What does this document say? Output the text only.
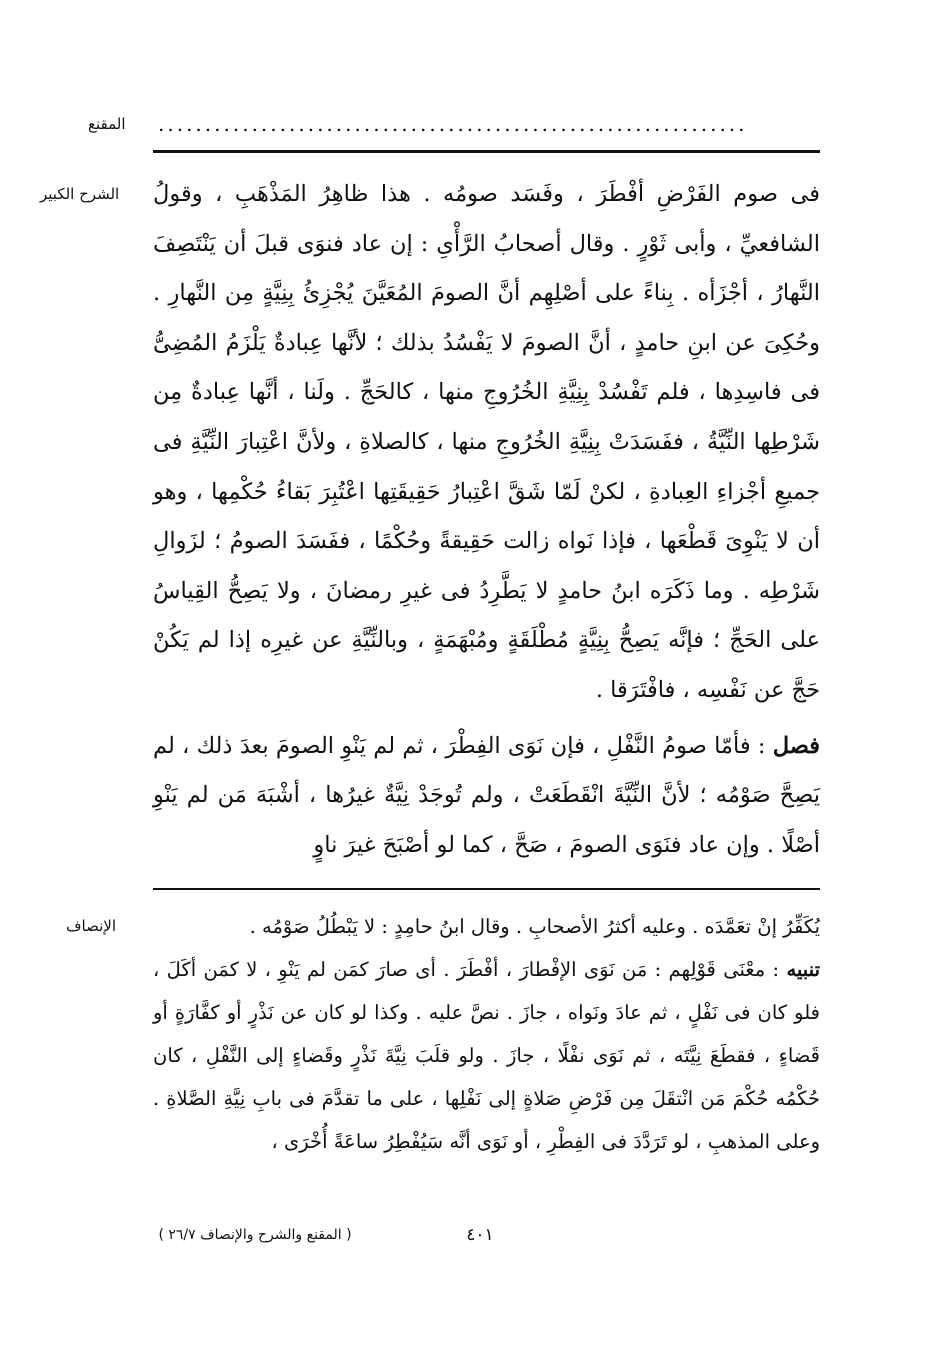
المقنع ...............................................................
الشرح الكبير فى صوم الفَرْضِ أفْطَرَ ، وفَسَد صومُه . هذا ظاهِرُ المَذْهَبِ ، وقولُ الشافعيِّ ، وأبى ثَوْرٍ . وقال أصحابُ الرَّأْىِ : إن عاد فنوَى قبلَ أن يَنْتَصِفَ النَّهارُ ، أجْزَأه . بِناءً على أصْلِهِم أنَّ الصومَ المُعَيَّنَ يُجْزِئُ بِنِيَّةٍ مِن النَّهارِ . وحُكِىَ عن ابنِ حامدٍ ، أنَّ الصومَ لا يَفْسُدُ بذلك ؛ لأنَّها عِبادةٌ يَلْزَمُ المُضِىُّ فى فاسِدِها ، فلم تَفْسُدْ بِنِيَّةِ الخُرُوجِ منها ، كالحَجِّ . ولَنا ، أنَّها عِبادةٌ مِن شَرْطِها النِّيَّةُ ، ففَسَدَتْ بِنِيَّةِ الخُرُوجِ منها ، كالصلاةِ ، ولأنَّ اعْتِبارَ النِّيَّةِ فى جميعِ أجْزاءِ العِبادةِ ، لكنْ لَمّا شَقَّ اعْتِبارُ حَقِيقَتِها اعْتُبِرَ بَقاءُ حُكْمِها ، وهو أن لا يَنْوِىَ قَطْعَها ، فإذا نَواه زالت حَقِيقةً وحُكْمًا ، ففَسَدَ الصومُ ؛ لزَوالِ شَرْطِه . وما ذَكَرَه ابنُ حامدٍ لا يَطَّرِدُ فى غيرِ رمضانَ ، ولا يَصِحُّ القِياسُ على الحَجِّ ؛ فإنَّه يَصِحُّ بِنِيَّةٍ مُطْلَقَةٍ ومُبْهَمَةٍ ، وبالنِّيَّةِ عن غيرِه إذا لم يَكُنْ حَجَّ عن نَفْسِه ، فافْتَرَقا .

فصل : فأمّا صومُ النَّفْلِ ، فإن نَوَى الفِطْرَ ، ثم لم يَنْوِ الصومَ بعدَ ذلك ، لم يَصِحَّ صَوْمُه ؛ لأنَّ النِّيَّةَ انْقَطَعَتْ ، ولم تُوجَدْ نِيَّةٌ غيرُها ، أشْبَهَ مَن لم يَنْوِ أصْلًا . وإن عاد فنَوَى الصومَ ، صَحَّ ، كما لو أصْبَحَ غيرَ ناوٍ

الإنصاف	يُكَفِّرُ إنْ تعَمَّدَه . وعليه أكثرُ الأصحابِ . وقال ابنُ حامِدٍ : لا يَبْطُلُ صَوْمُه .

تنبيه : معْنَى قَوْلِهم : مَن نَوَى الإفْطارَ ، أفْطَرَ . أى صارَ كمَن لم يَنْوِ ، لا كمَن أكَلَ ، فلو كان فى نَفْلٍ ، ثم عادَ ونَواه ، جازَ . نصَّ عليه . وكذا لو كان عن نَذْرٍ أو كفَّارَةٍ أو قَضاءٍ ، فقطَعَ نِيَّتَه ، ثم نَوَى نفْلًا ، جازَ . ولو قلَبَ نِيَّةَ نَذْرٍ وقَضاءٍ إلى النَّفْلِ ، كان حُكْمُه حُكْمَ مَن انْتقَلَ مِن فَرْضِ صَلاةٍ إلى نَفْلِها ، على ما تقدَّمَ فى بابِ نِيَّةِ الصَّلاةِ . وعلى المذهبِ ، لو تَرَدَّدَ فى الفِطْرِ ، أو نَوَى أنَّه سَيُفْطِرُ ساعَةً أُخْرَى ،

٤٠١
( المقنع والشرح والإنصاف ٢٦/٧ )
